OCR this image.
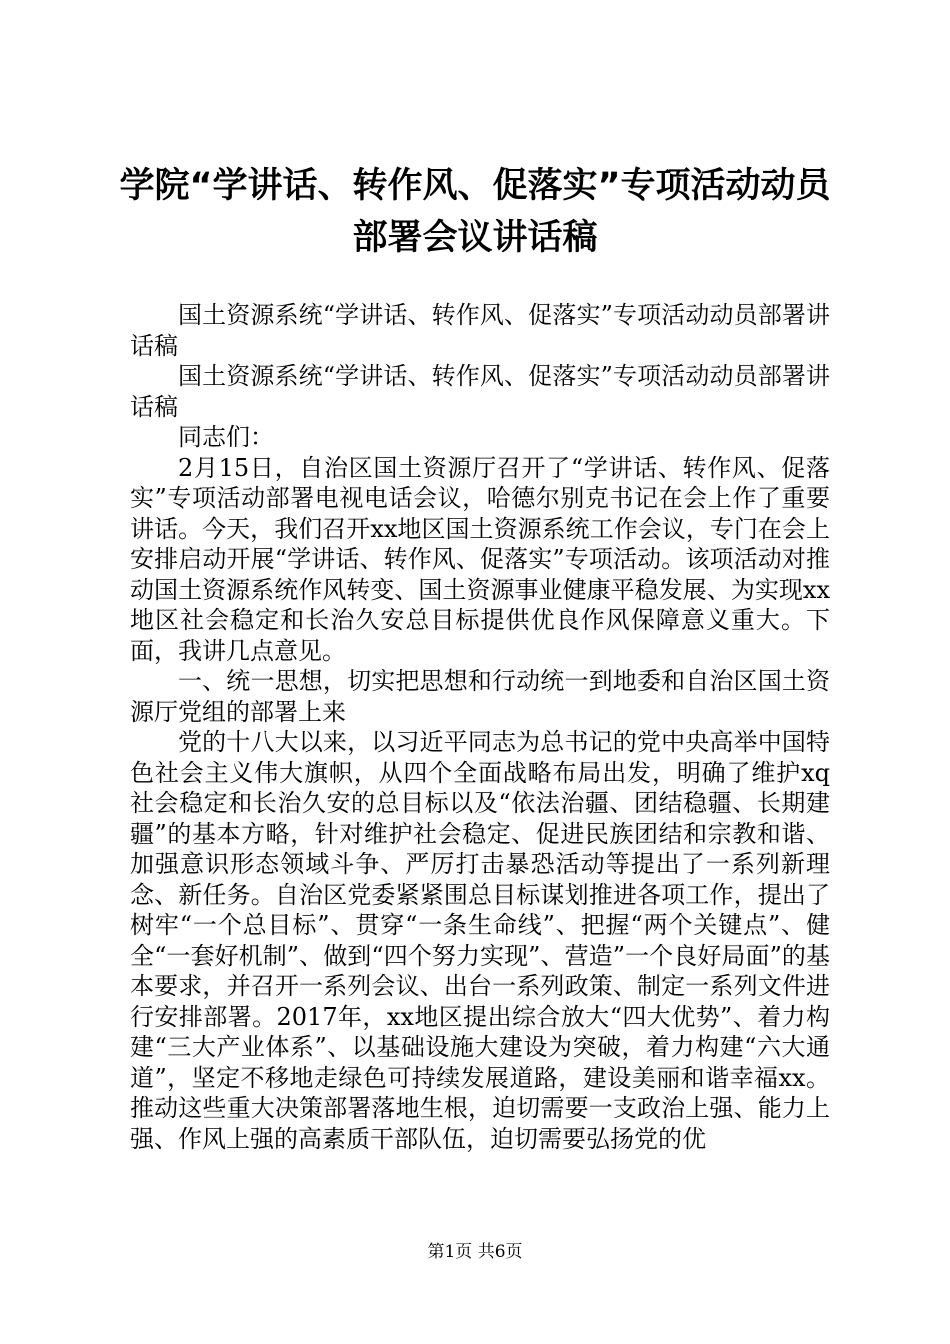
学院“学讲话、转作风、促落实”专项活动动员部署会议讲话稿

国土资源系统“学讲话、转作风、促落实”专项活动动员部署讲话稿

国土资源系统“学讲话、转作风、促落实”专项活动动员部署讲话稿

同志们：

2月15日，自治区国土资源厅召开了“学讲话、转作风、促落实”专项活动部署电视电话会议，哈德尔别克书记在会上作了重要讲话。今天，我们召开xx地区国土资源系统工作会议，专门在会上安排启动开展“学讲话、转作风、促落实”专项活动。该项活动对推动国土资源系统作风转变、国土资源事业健康平稳发展、为实现xx地区社会稳定和长治久安总目标提供优良作风保障意义重大。下面，我讲几点意见。

一、统一思想，切实把思想和行动统一到地委和自治区国土资源厅党组的部署上来

党的十八大以来，以习近平同志为总书记的党中央高举中国特色社会主义伟大旗帜，从四个全面战略布局出发，明确了维护xq社会稳定和长治久安的总目标以及“依法治疆、团结稳疆、长期建疆”的基本方略，针对维护社会稳定、促进民族团结和宗教和谐、加强意识形态领域斗争、严厉打击暴恐活动等提出了一系列新理念、新任务。自治区党委紧紧围总目标谋划推进各项工作，提出了树牢“一个总目标”、贯穿“一条生命线”、把握“两个关键点”、健全“一套好机制”、做到“四个努力实现”、营造”一个良好局面”的基本要求，并召开一系列会议、出台一系列政策、制定一系列文件进行安排部署。2017年，xx地区提出综合放大“四大优势”、着力构建“三大产业体系”、以基础设施大建设为突破，着力构建“六大通道”，坚定不移地走绿色可持续发展道路，建设美丽和谐幸福xx。推动这些重大决策部署落地生根，迫切需要一支政治上强、能力上强、作风上强的高素质干部队伍，迫切需要弘扬党的优

第1页 共6页
